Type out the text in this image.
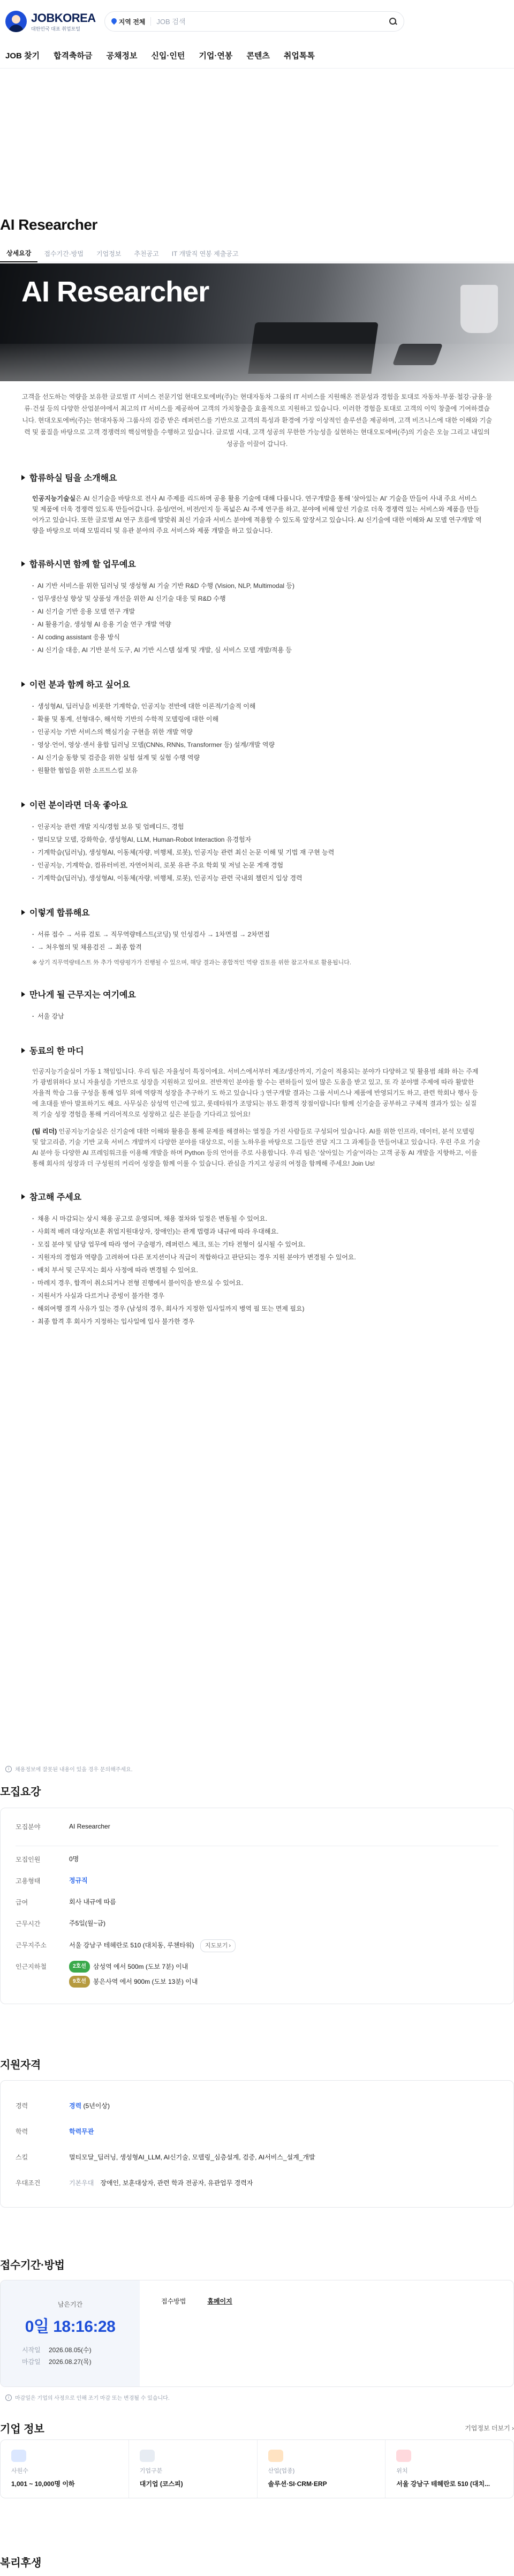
JOBKOREA
대한민국 대표 취업포털
지역 전체
JOB 검색
JOB 찾기 합격축하금 공채정보 신입·인턴 기업·연봉 콘텐츠 취업톡톡
AI Researcher
상세요강	접수기간·방법	기업정보	추천공고	IT 개발직 연봉 제출공고
AI Researcher

고객을 선도하는 역량을 보유한 글로벌 IT 서비스 전문기업 현대오토에버(주)는 현대자동차 그룹의 IT 서비스를 지원해온 전문성과 경험을 토대로 자동차·부품·철강·금융·물류·건설 등의 다양한 산업분야에서 최고의 IT 서비스를 제공하여 고객의 가치창출을 효율적으로 지원하고 있습니다. 이러한 경험을 토대로 고객의 이익 창출에 기여하겠습니다. 현대오토에버(주)는 현대자동차 그룹사의 검증 받은 레퍼런스를 기반으로 고객의 특성과 환경에 가장 이상적인 솔루션을 제공하며, 고객 비즈니스에 대한 이해와 기술력 및 품질을 바탕으로 고객 경쟁력의 핵심역할을 수행하고 있습니다. 글로벌 시대, 고객 성공의 무한한 가능성을 실현하는 현대오토에버(주)의 기술은 오늘 그리고 내일의 성공을 이끌어 갑니다.

합류하실 팀을 소개해요

인공지능기술실은 AI 신기술을 바탕으로 전사 AI 주제를 리드하며 공용 활용 기술에 대해 다룹니다. 연구개발을 통해 '살아있는 AI' 기술을 만들어 사내 주요 서비스 및 제품에 더욱 경쟁력 있도록 만들어갑니다. 음성/언어, 비전/인지 등 폭넓은 AI 주제 연구를 하고, 분야에 비해 앞선 기술로 더욱 경쟁력 있는 서비스와 제품을 만들어가고 있습니다. 또한 글로벌 AI 연구 흐름에 발맞춰 최신 기술과 서비스 분야에 적용할 수 있도록 앞장서고 있습니다. AI 신기술에 대한 이해와 AI 모델 연구개발 역량을 바탕으로 미래 모빌리티 및 유관 분야의 주요 서비스와 제품 개발을 하고 있습니다.

합류하시면 함께 할 업무예요
· AI 기반 서비스를 위한 딥러닝 및 생성형 AI 기술 기반 R&D 수행 (Vision, NLP, Multimodal 등)
· 업무생산성 향상 및 상품성 개선을 위한 AI 신기술 대응 및 R&D 수행
· AI 신기술 기반 응용 모델 연구 개발
· AI 활용기술, 생성형 AI 응용 기술 연구 개발 역량
· AI coding assistant 응용 방식
· AI 신기술 대응, AI 기반 분석 도구, AI 기반 시스템 설계 및 개발, 심 서비스 모델 개발/적용 등
이런 분과 함께 하고 싶어요
· 생성형AI, 딥러닝을 비롯한 기계학습, 인공지능 전반에 대한 이론적/기술적 이해
· 확률 및 통계, 선형대수, 해석학 기반의 수학적 모델링에 대한 이해
· 인공지능 기반 서비스의 핵심기술 구현을 위한 개발 역량
· 영상·언어, 영상·센서 융합 딥러닝 모델(CNNs, RNNs, Transformer 등) 설계/개발 역량
· AI 신기술 동향 및 검증을 위한 실험 설계 및 실험 수행 역량
· 원활한 협업을 위한 소프트스킬 보유
이런 분이라면 더욱 좋아요
· 인공지능 관련 개발 지식/경험 보유 및 업베디드, 경험
· 멀티모달 모델, 강화학습, 생성형AI, LLM, Human-Robot Interaction 유경험자
· 기계학습(딥러닝), 생성형AI, 이동체(자량, 비행체, 로봇), 인공지능 관련 최신 논문 이해 및 기법 재 구현 능력
· 인공지능, 기계학습, 컴퓨터비전, 자연어처리, 로봇 유관 주요 학회 및 저널 논문 게재 경험
· 기계학습(딥러닝), 생성형AI, 이동체(자량, 비행체, 로봇), 인공지능 관련 국내외 챌린지 입상 경력
이렇게 합류해요
· 서류 접수 → 서류 검토 → 직무역량테스트(코딩) 및 인성검사 → 1차면접 → 2차면접
· → 처우협의 및 채용검진 → 최종 합격

※ 상기 직무역량테스트 外 추가 역량평가가 진행될 수 있으며, 해당 결과는 종합적인 역량 검토를 위한 참고자료로 활용됩니다.

만나게 될 근무지는 여기예요
· 서울 강남
동료의 한 마디

인공지능기술실이 가동 1 책임입니다. 우리 팀은 자율성이 특징이에요. 서비스에서부터 제조/생산까지, 기술이 적용되는 분야가 다양하고 및 활용범 쇄화 하는 주제가 광범위하다 보니 자율성을 기반으로 성장을 지원하고 있어요. 전반적인 분야를 할 수는 편하들이 있어 많은 도움을 받고 있고, 또 각 분야별 주제에 따라 활발한 자율적 학습 그룹 구성을 통해 업무 외에 역량적 성장을 추구하기 도 하고 있습니다 :) 연구개발 결과는 그룹 서비스나 제품에 반영되기도 하고, 관련 학회나 행사 등에 초대를 받아 발표하기도 해요. 사무실은 삼성역 인근에 있고, 롯데타워가 조망되는 뷰도 환경적 장점이랍니다! 함께 신기술을 공부하고 구체적 결과가 있는 실질적 기술 성장 경험을 통해 커리어적으로 성장하고 싶은 분들을 기다리고 있어요!

(팀 리더) 인공지능기술실은 신기술에 대한 이해와 활용을 통해 문제를 해결하는 열정을 가진 사람들로 구성되어 있습니다. AI를 위한 인프라, 데이터, 분석 모델링 및 알고리즘, 기술 기반 교육 서비스 개발까지 다양한 분야를 대상으로, 이를 노하우를 바탕으로 그들만 전담 지그 그 과제들을 만들어내고 있습니다. 우린 주요 기술 AI 분야 등 다양한 AI 프레임워크를 이용해 개발을 하며 Python 등의 언어를 주로 사용합니다. 우리 팀은 '살아있는 기술'이라는 고객 공동 AI 개발을 지향하고, 이를 통해 회사의 성장과 더 구성원의 커리어 성장을 함께 이룰 수 있습니다. 관심을 가지고 성공의 여정을 함께해 주세요! Join Us!

참고해 주세요
· 채용 시 마감되는 상시 채용 공고로 운영되며, 채용 절차와 일정은 변동될 수 있어요.
· 사회적 배려 대상자(보훈 취업지원대상자, 장애인)는 관계 법령과 내규에 따라 우대해요.
· 모집 분야 및 담당 업무에 따라 영어 구술평가, 레퍼런스 체크, 또는 기타 전형이 실시될 수 있어요.
· 지원자의 경험과 역량을 고려하여 다른 포지션이나 직급이 적합하다고 판단되는 경우 지원 분야가 변경될 수 있어요.
· 배치 부서 및 근무지는 회사 사정에 따라 변경될 수 있어요.
· 마레지 경우, 합격이 취소되거나 전형 진행에서 불이익을 받으실 수 있어요.
· 지원서가 사실과 다르거나 증빙이 불가한 경우
· 해외여행 결격 사유가 있는 경우 (남성의 경우, 회사가 지정한 입사일까지 병역 필 또는 면제 필요)
· 최종 합격 후 회사가 지정하는 입사일에 입사 불가한 경우
i	채용정보에 잘못된 내용이 있을 경우 문의해주세요.
모집요강
모집분야	AI Researcher
모집인원	0명
고용형태	정규직
급여	회사 내규에 따름
근무시간	주5일(월~금)
근무지주소	서울 강남구 테헤란로 510 (대치동, 루첸타워) 지도보기 ›
인근지하철	2호선	삼성역 에서 500m (도보 7분) 이내
9호선	봉은사역 에서 900m (도보 13분) 이내
지원자격
경력	경력 (5년이상)
학력	학력무관
스킬	멀티모달_딥러닝, 생성형AI_LLM, AI신기술, 모델링_심층설계, 검증, AI서비스_설계_개발
우대조건	기본우대 장애인, 보훈대상자, 관련 학과 전공자, 유관업무 경력자
접수기간·방법
남은기간
0일 18:16:28
시작일	2026.08.05(수)
마감일	2026.08.27(목)
접수방법	홈페이지
i	마감일은 기업의 사정으로 인해 조기 마감 또는 변경될 수 있습니다.
기업 정보	기업정보 더보기 ›
사원수
1,001 ~ 10,000명 이하
기업구분
대기업 (코스피)
산업(업종)
솔루션·SI·CRM·ERP
위치
서울 강남구 테헤란로 510 (대치...
복리후생
